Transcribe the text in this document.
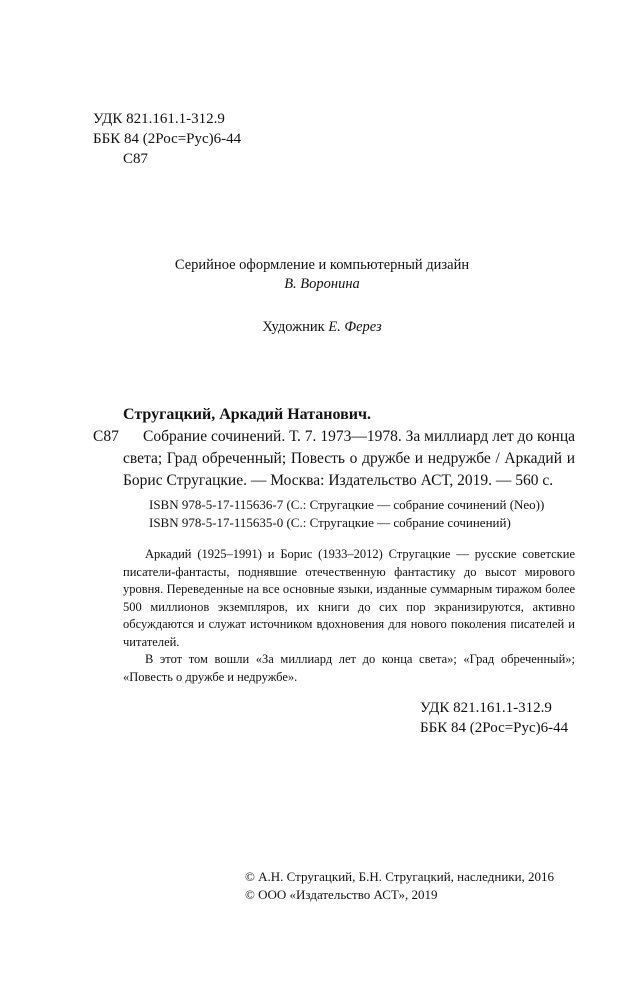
УДК 821.161.1-312.9
ББК 84 (2Рос=Рус)6-44
С87
Серийное оформление и компьютерный дизайн
В. Воронина
Художник Е. Ферез
Стругацкий, Аркадий Натанович.
С87	Собрание сочинений. Т. 7. 1973—1978. За миллиард лет до конца света; Град обреченный; Повесть о дружбе и недружбе / Аркадий и Борис Стругацкие. — Москва: Издательство АСТ, 2019. — 560 с.
ISBN 978-5-17-115636-7 (С.: Стругацкие — собрание сочинений (Neo))
ISBN 978-5-17-115635-0 (С.: Стругацкие — собрание сочинений)

Аркадий (1925–1991) и Борис (1933–2012) Стругацкие — русские советские писатели-фантасты, поднявшие отечественную фантастику до высот мирового уровня. Переведенные на все основные языки, изданные суммарным тиражом более 500 миллионов экземпляров, их книги до сих пор экранизируются, активно обсуждаются и служат источником вдохновения для нового поколения писателей и читателей.

В этот том вошли «За миллиард лет до конца света»; «Град обреченный»; «Повесть о дружбе и недружбе».

УДК 821.161.1-312.9
ББК 84 (2Рос=Рус)6-44
© А.Н. Стругацкий, Б.Н. Стругацкий, наследники, 2016
© ООО «Издательство АСТ», 2019
